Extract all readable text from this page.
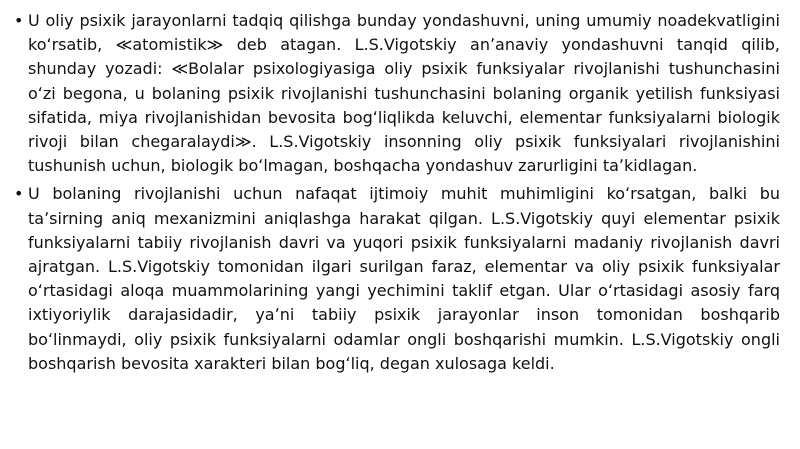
• U oliy psixik jarayonlarni tadqiq qilishga bunday yondashuvni, uning umumiy noadekvatligini koʻrsatib, ≪atomistik≫ deb atagan. L.S.Vigotskiy anʼanaviy yondashuvni tanqid qilib, shunday yozadi: ≪Bolalar psixologiyasiga oliy psixik funksiyalar rivojlanishi tushunchasini oʻzi begona, u bolaning psixik rivojlanishi tushunchasini bolaning organik yetilish funksiyasi sifatida, miya rivojlanishidan bevosita bogʻliqlikda keluvchi, elementar funksiyalarni biologik rivoji bilan chegaralaydi≫. L.S.Vigotskiy insonning oliy psixik funksiyalari rivojlanishini tushunish uchun, biologik boʻlmagan, boshqacha yondashuv zarurligini taʼkidlagan.
• U bolaning rivojlanishi uchun nafaqat ijtimoiy muhit muhimligini koʻrsatgan, balki bu taʼsirning aniq mexanizmini aniqlashga harakat qilgan. L.S.Vigotskiy quyi elementar psixik funksiyalarni tabiiy rivojlanish davri va yuqori psixik funksiyalarni madaniy rivojlanish davri ajratgan. L.S.Vigotskiy tomonidan ilgari surilgan faraz, elementar va oliy psixik funksiyalar oʻrtasidagi aloqa muammolarining yangi yechimini taklif etgan. Ular oʻrtasidagi asosiy farq ixtiyoriylik darajasidadir, yaʼni tabiiy psixik jarayonlar inson tomonidan boshqarib boʻlinmaydi, oliy psixik funksiyalarni odamlar ongli boshqarishi mumkin. L.S.Vigotskiy ongli boshqarish bevosita xarakteri bilan bogʻliq, degan xulosaga keldi.
